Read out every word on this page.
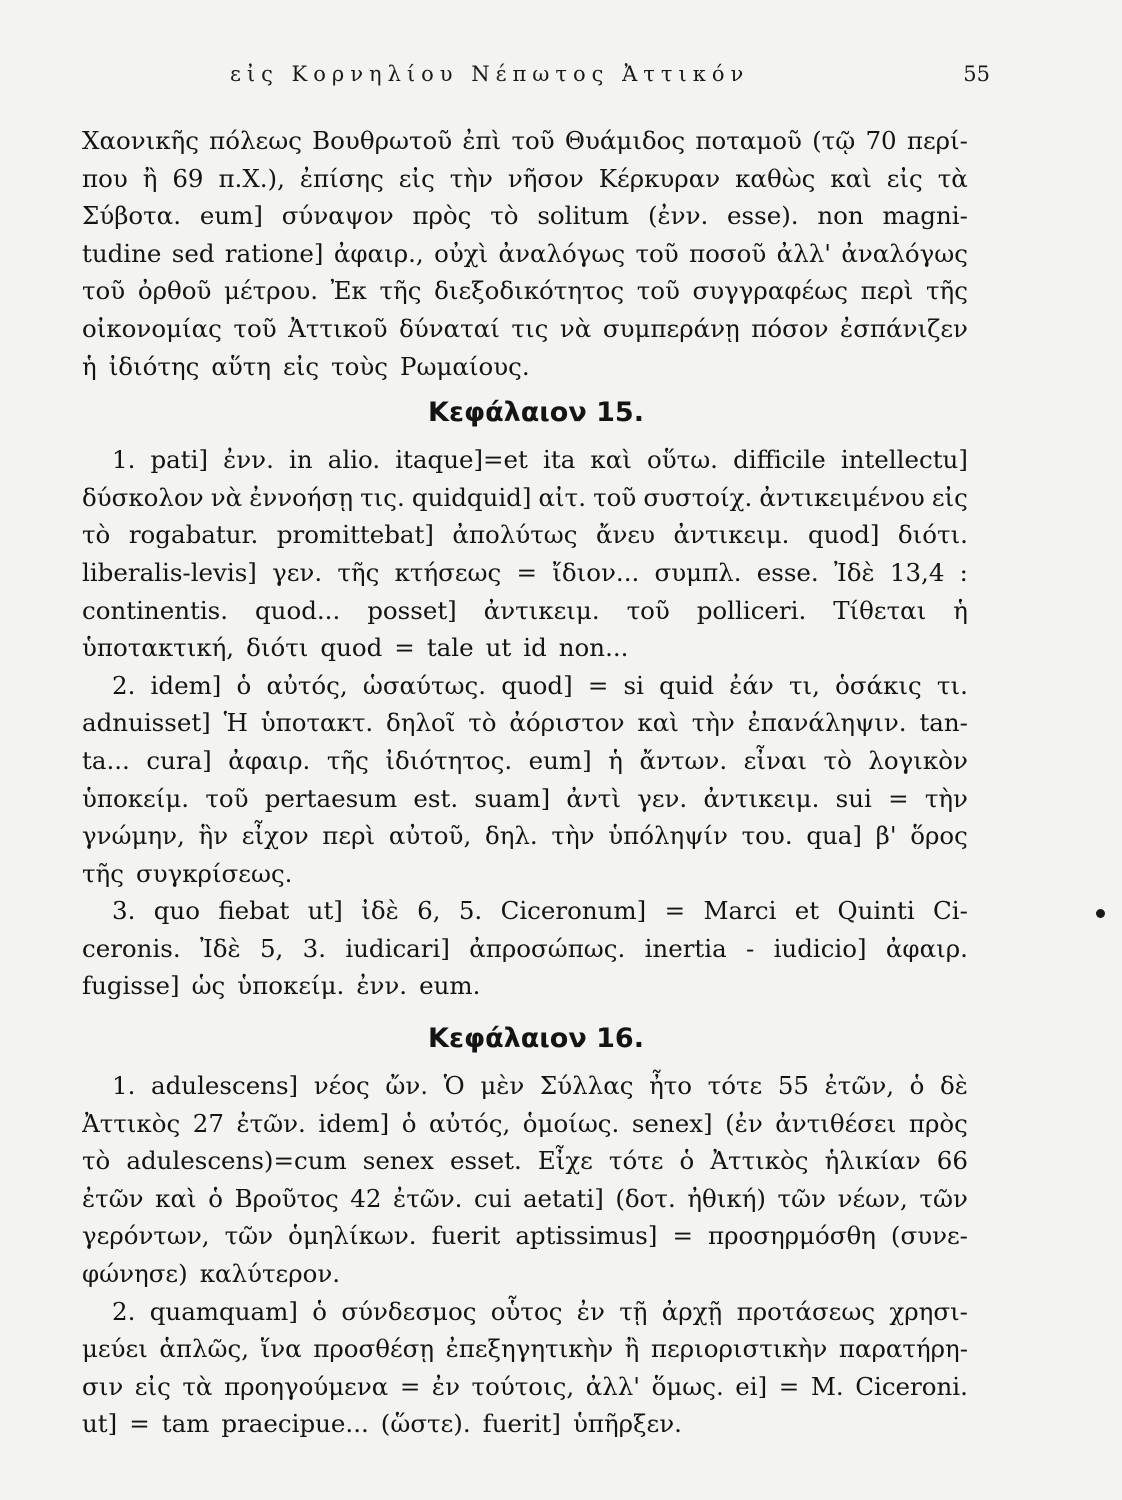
εἰς Κορνηλίου Νέπωτος Ἀττικόν	55
Χαονικῆς πόλεως Βουθρωτοῦ ἐπὶ τοῦ Θυάμιδος ποταμοῦ (τῷ 70 περί-
που ἢ 69 π.Χ.), ἐπίσης εἰς τὴν νῆσον Κέρκυραν καθὼς καὶ εἰς τὰ
Σύβοτα. eum] σύναψον πρὸς τὸ solitum (ἐνν. esse). non magni-
tudine sed ratione] ἀφαιρ., οὐχὶ ἀναλόγως τοῦ ποσοῦ ἀλλ' ἀναλόγως
τοῦ ὀρθοῦ μέτρου. Ἐκ τῆς διεξοδικότητος τοῦ συγγραφέως περὶ τῆς
οἰκονομίας τοῦ Ἀττικοῦ δύναταί τις νὰ συμπεράνῃ πόσον ἐσπάνιζεν
ἡ ἰδιότης αὕτη εἰς τοὺς Ρωμαίους.
Κεφάλαιον 15.
1. pati] ἐνν. in alio. itaque]=et ita καὶ οὕτω. difficile intellectu]
δύσκολον νὰ ἐννοήσῃ τις. quidquid] αἰτ. τοῦ συστοίχ. ἀντικειμένου εἰς
τὸ rogabatur. promittebat] ἀπολύτως ἄνευ ἀντικειμ. quod] διότι.
liberalis-levis] γεν. τῆς κτήσεως = ἴδιον... συμπλ. esse. Ἰδὲ 13,4 :
continentis. quod... posset] ἀντικειμ. τοῦ polliceri. Τίθεται ἡ
ὑποτακτική, διότι quod = tale ut id non...
2. idem] ὁ αὐτός, ὡσαύτως. quod] = si quid ἐάν τι, ὁσάκις τι.
adnuisset] Ἡ ὑποτακτ. δηλοῖ τὸ ἀόριστον καὶ τὴν ἐπανάληψιν. tan-
ta... cura] ἀφαιρ. τῆς ἰδιότητος. eum] ἡ ἄντων. εἶναι τὸ λογικὸν
ὑποκείμ. τοῦ pertaesum est. suam] ἀντὶ γεν. ἀντικειμ. sui = τὴν
γνώμην, ἣν εἶχον περὶ αὐτοῦ, δηλ. τὴν ὑπόληψίν του. qua] β' ὅρος
τῆς συγκρίσεως.
3. quo fiebat ut] ἰδὲ 6, 5. Ciceronum] = Marci et Quinti Ci-
ceronis. Ἰδὲ 5, 3. iudicari] ἀπροσώπως. inertia - iudicio] ἀφαιρ.
fugisse] ὡς ὑποκείμ. ἐνν. eum.
Κεφάλαιον 16.
1. adulescens] νέος ὤν. Ὁ μὲν Σύλλας ἦτο τότε 55 ἐτῶν, ὁ δὲ
Ἀττικὸς 27 ἐτῶν. idem] ὁ αὐτός, ὁμοίως. senex] (ἐν ἀντιθέσει πρὸς
τὸ adulescens)=cum senex esset. Εἶχε τότε ὁ Ἀττικὸς ἡλικίαν 66
ἐτῶν καὶ ὁ Βροῦτος 42 ἐτῶν. cui aetati] (δοτ. ἠθική) τῶν νέων, τῶν
γερόντων, τῶν ὁμηλίκων. fuerit aptissimus] = προσηρμόσθη (συνε-
φώνησε) καλύτερον.
2. quamquam] ὁ σύνδεσμος οὗτος ἐν τῇ ἀρχῇ προτάσεως χρησι-
μεύει ἁπλῶς, ἵνα προσθέσῃ ἐπεξηγητικὴν ἢ περιοριστικὴν παρατήρη-
σιν εἰς τὰ προηγούμενα = ἐν τούτοις, ἀλλ' ὅμως. ei] = M. Ciceroni.
ut] = tam praecipue... (ὥστε). fuerit] ὑπῆρξεν.
